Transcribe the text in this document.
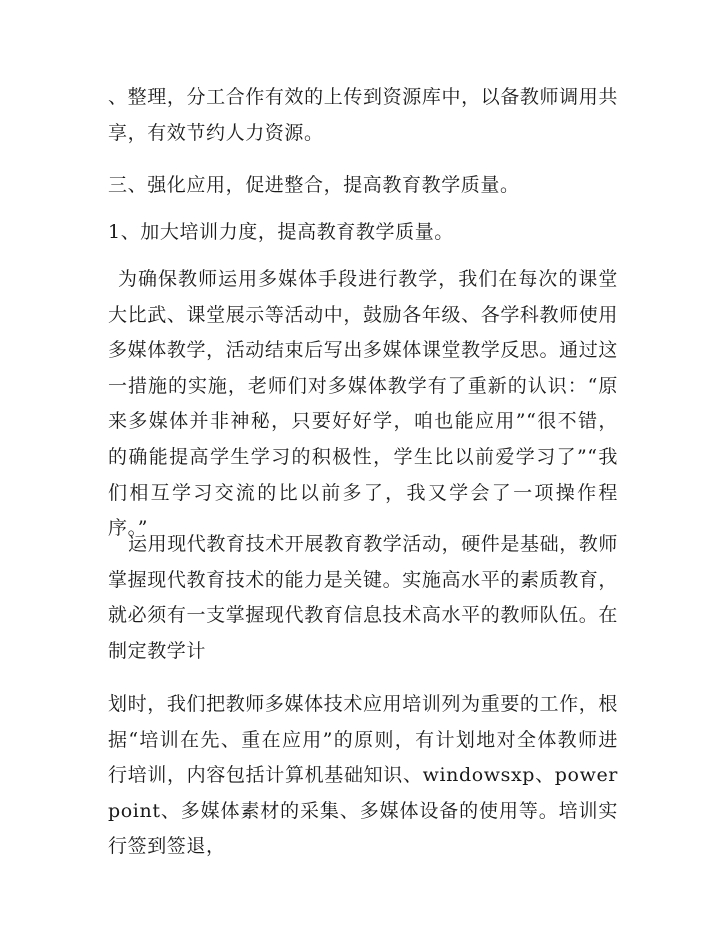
、整理，分工合作有效的上传到资源库中，以备教师调用共享，有效节约人力资源。

三、强化应用，促进整合，提高教育教学质量。

1、加大培训力度，提高教育教学质量。

为确保教师运用多媒体手段进行教学，我们在每次的课堂大比武、课堂展示等活动中，鼓励各年级、各学科教师使用多媒体教学，活动结束后写出多媒体课堂教学反思。通过这一措施的实施，老师们对多媒体教学有了重新的认识：“原来多媒体并非神秘，只要好好学，咱也能应用”“很不错，的确能提高学生学习的积极性，学生比以前爱学习了”“我们相互学习交流的比以前多了，我又学会了一项操作程序。”

运用现代教育技术开展教育教学活动，硬件是基础，教师掌握现代教育技术的能力是关键。实施高水平的素质教育，就必须有一支掌握现代教育信息技术高水平的教师队伍。在制定教学计

划时，我们把教师多媒体技术应用培训列为重要的工作，根据“培训在先、重在应用”的原则，有计划地对全体教师进行培训，内容包括计算机基础知识、windowsxp、powerpoint、多媒体素材的采集、多媒体设备的使用等。培训实行签到签退，
